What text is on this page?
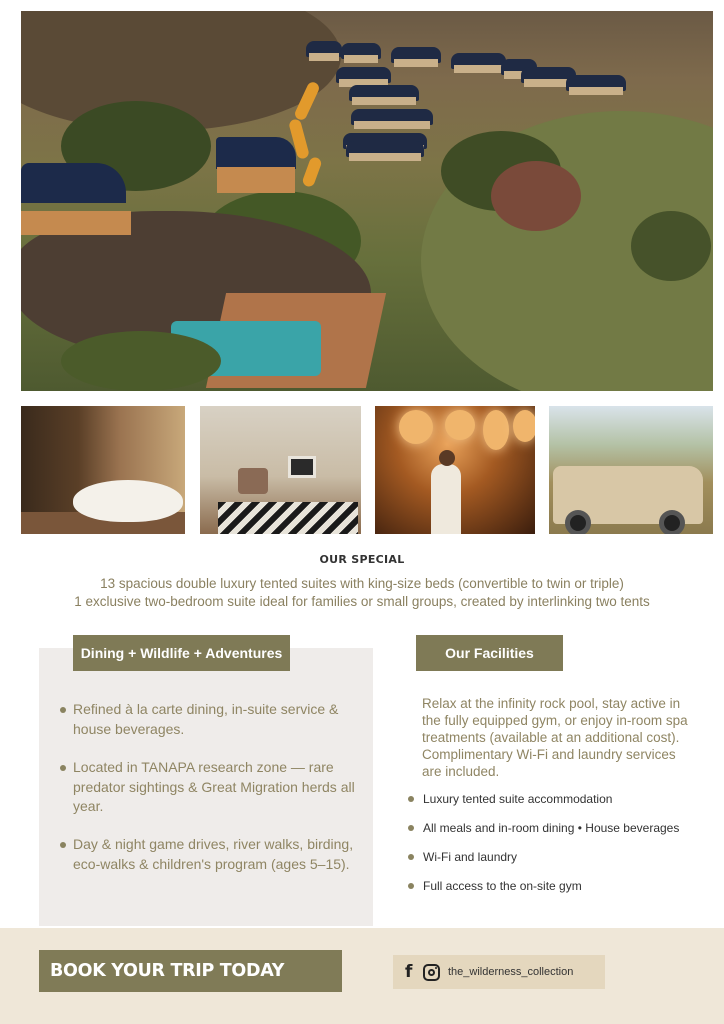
OUR SPECIAL
13 spacious double luxury tented suites with king-size beds (convertible to twin or triple)
1 exclusive two-bedroom suite ideal for families or small groups, created by interlinking two tents
Dining + Wildlife + Adventures
Refined à la carte dining, in-suite service & house beverages.
Located in TANAPA research zone — rare predator sightings & Great Migration herds all year.
Day & night game drives, river walks, birding, eco-walks & children's program (ages 5–15).
Our Facilities
Relax at the infinity rock pool, stay active in the fully equipped gym, or enjoy in-room spa treatments (available at an additional cost). Complimentary Wi-Fi and laundry services are included.
Luxury tented suite accommodation
All meals and in-room dining • House beverages
Wi-Fi and laundry
Full access to the on-site gym
BOOK YOUR TRIP TODAY	f	the_wilderness_collection
